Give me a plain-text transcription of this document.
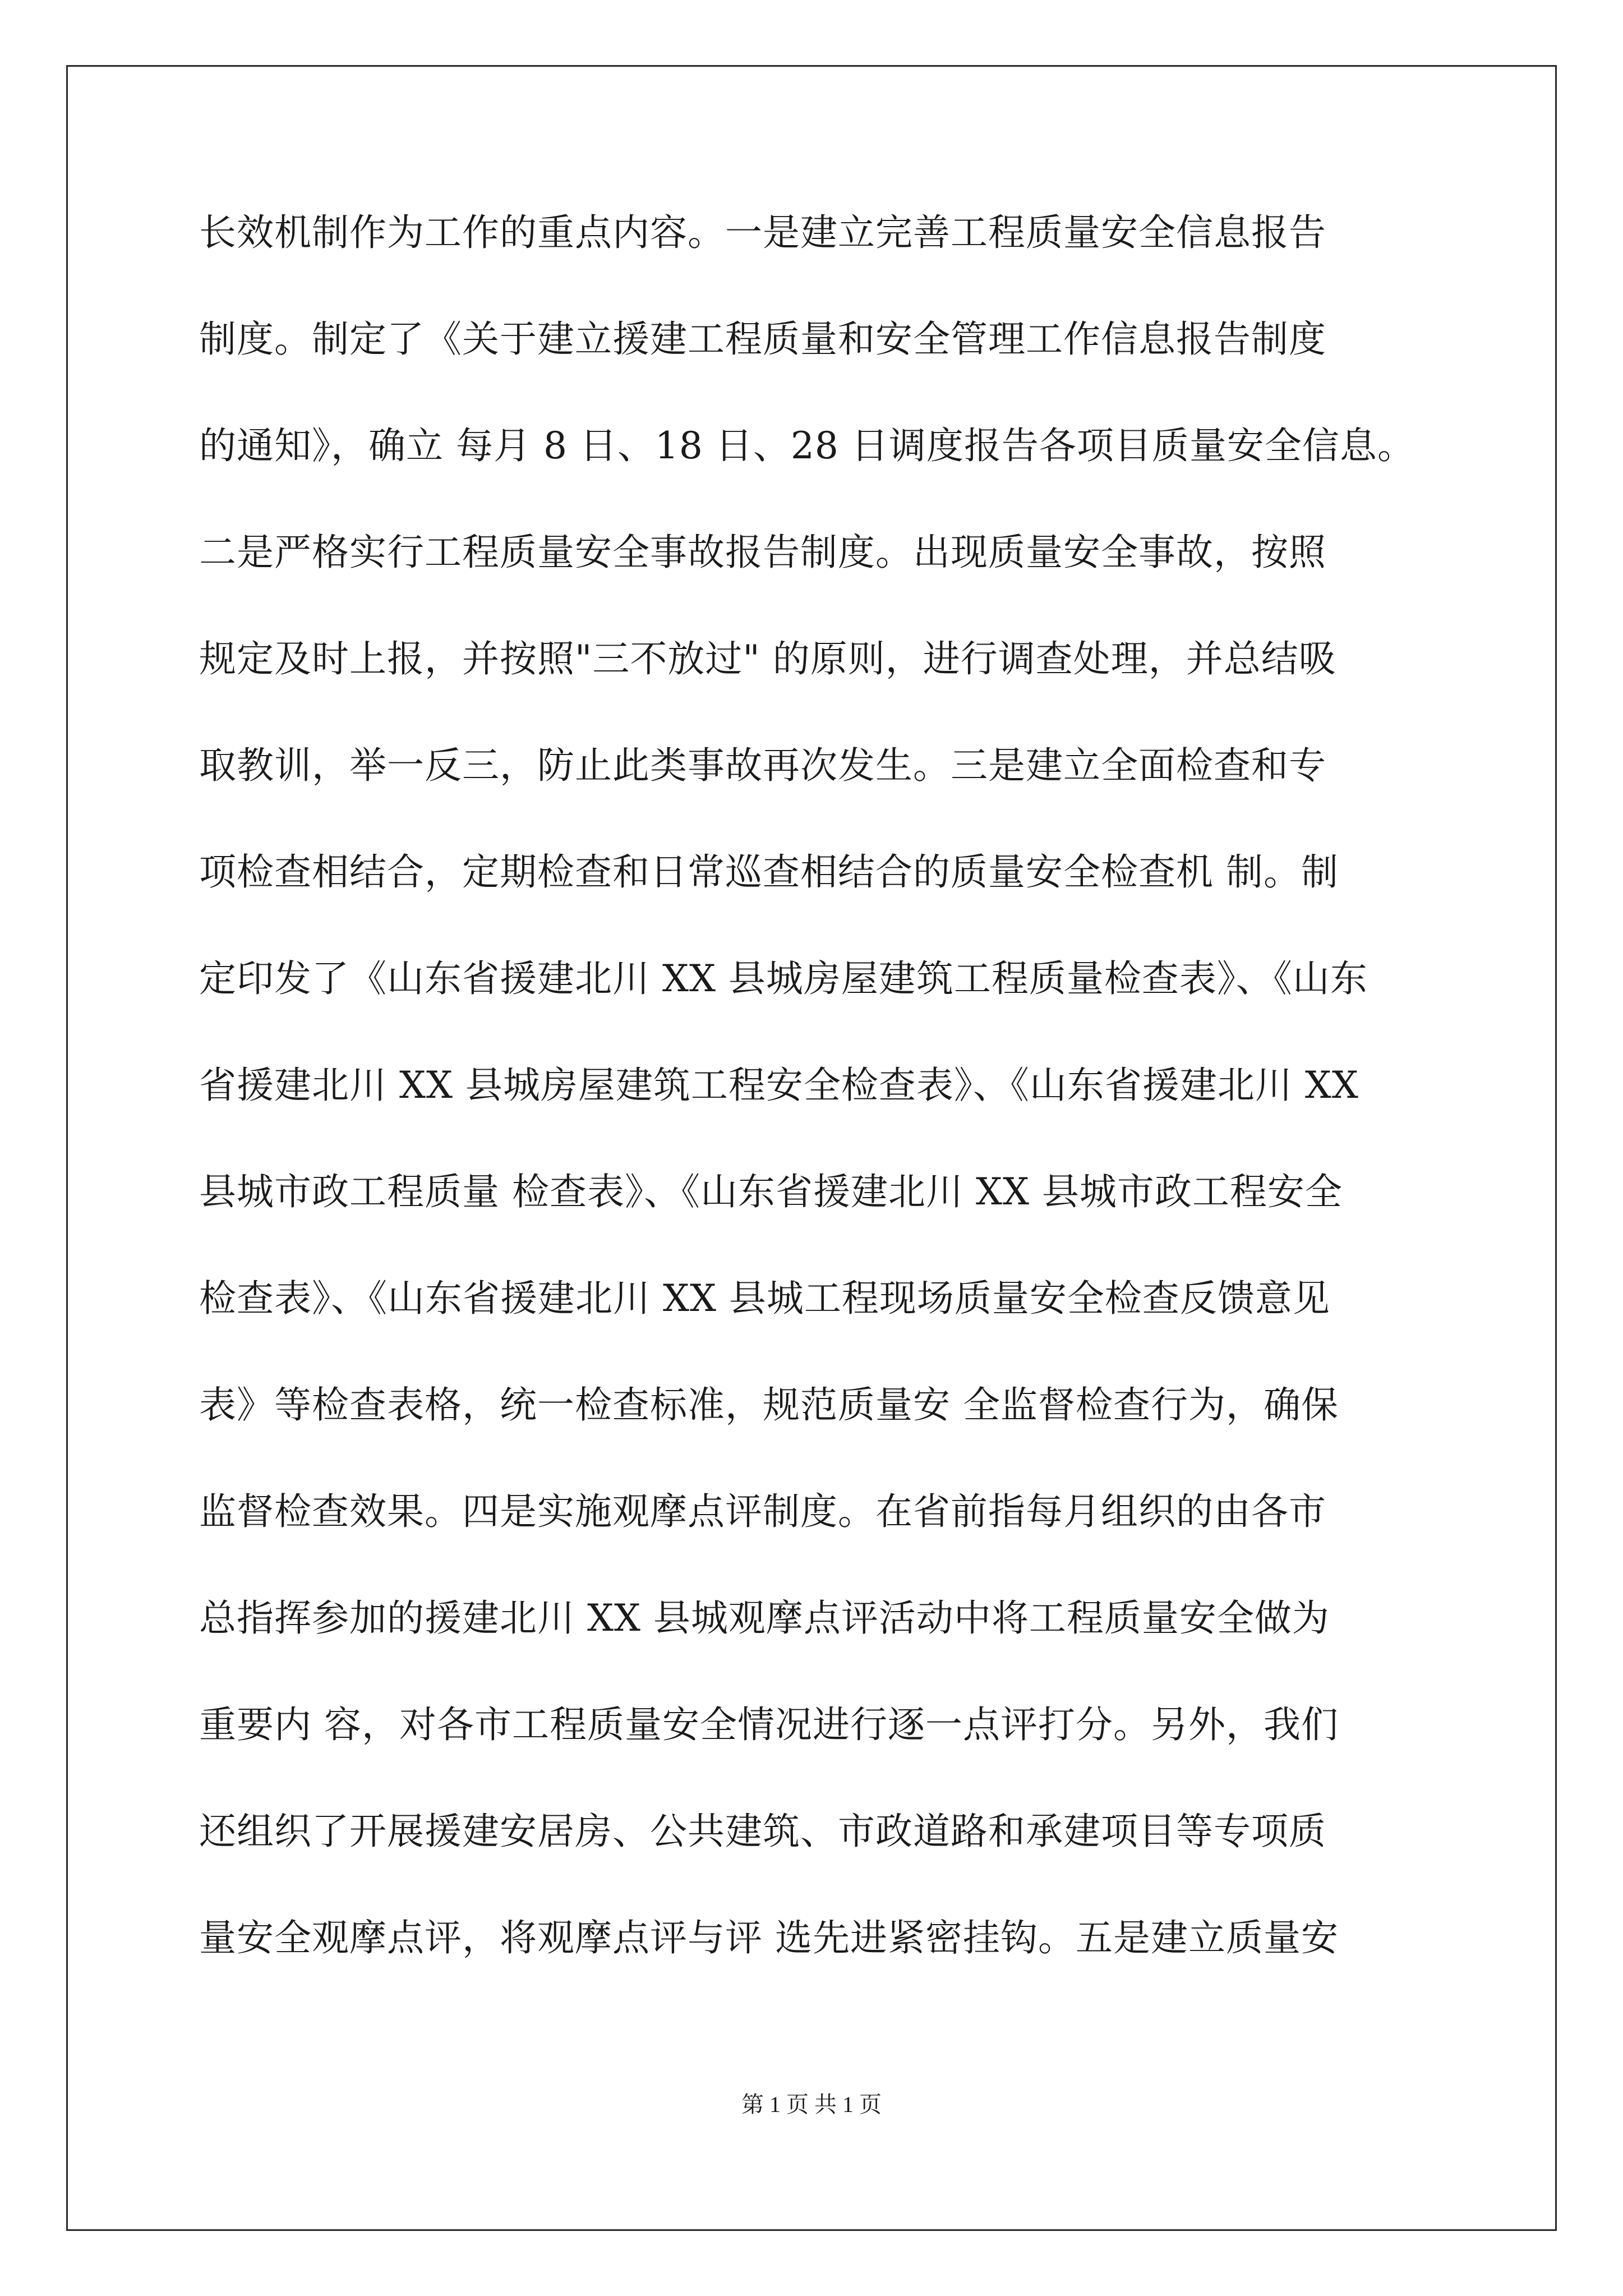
长效机制作为工作的重点内容。一是建立完善工程质量安全信息报告
制度。制定了《关于建立援建工程质量和安全管理工作信息报告制度
的通知》，确立 每月 8 日、18 日、28 日调度报告各项目质量安全信息。
二是严格实行工程质量安全事故报告制度。出现质量安全事故，按照
规定及时上报，并按照"三不放过" 的原则，进行调查处理，并总结吸
取教训，举一反三，防止此类事故再次发生。三是建立全面检查和专
项检查相结合，定期检查和日常巡查相结合的质量安全检查机 制。制
定印发了《山东省援建北川 XX 县城房屋建筑工程质量检查表》、《山东
省援建北川 XX 县城房屋建筑工程安全检查表》、《山东省援建北川 XX
县城市政工程质量 检查表》、《山东省援建北川 XX 县城市政工程安全
检查表》、《山东省援建北川 XX 县城工程现场质量安全检查反馈意见
表》等检查表格，统一检查标准，规范质量安 全监督检查行为，确保
监督检查效果。四是实施观摩点评制度。在省前指每月组织的由各市
总指挥参加的援建北川 XX 县城观摩点评活动中将工程质量安全做为
重要内 容，对各市工程质量安全情况进行逐一点评打分。另外，我们
还组织了开展援建安居房、公共建筑、市政道路和承建项目等专项质
量安全观摩点评，将观摩点评与评 选先进紧密挂钩。五是建立质量安
第 1 页 共 1 页
